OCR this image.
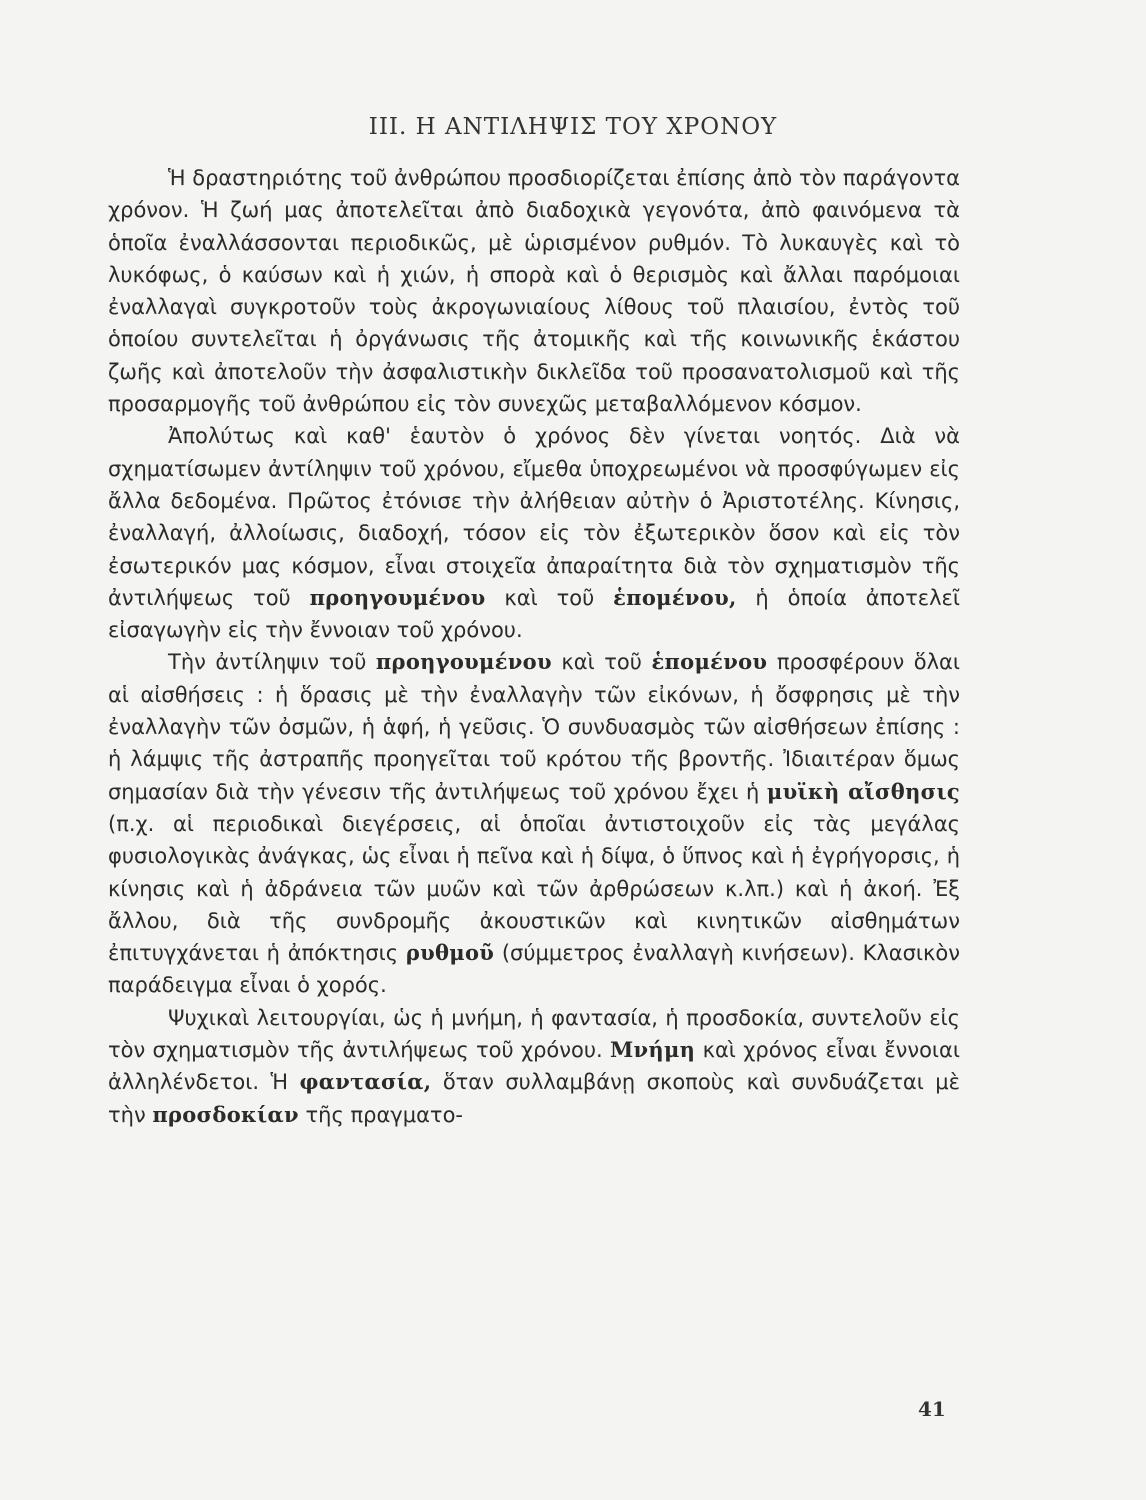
III. Η ΑΝΤΙΛΗΨΙΣ ΤΟΥ ΧΡΟΝΟΥ

Ἡ δραστηριότης τοῦ ἀνθρώπου προσδιορίζεται ἐπίσης ἀπὸ τὸν παράγοντα χρόνον. Ἡ ζωή μας ἀποτελεῖται ἀπὸ διαδοχικὰ γεγονότα, ἀπὸ φαινόμενα τὰ ὁποῖα ἐναλλάσσονται περιοδικῶς, μὲ ὡρισμένον ρυθμόν. Τὸ λυκαυγὲς καὶ τὸ λυκόφως, ὁ καύσων καὶ ἡ χιών, ἡ σπορὰ καὶ ὁ θερισμὸς καὶ ἄλλαι παρόμοιαι ἐναλλαγαὶ συγκροτοῦν τοὺς ἀκρογωνιαίους λίθους τοῦ πλαισίου, ἐντὸς τοῦ ὁποίου συντελεῖται ἡ ὀργάνωσις τῆς ἀτομικῆς καὶ τῆς κοινωνικῆς ἑκάστου ζωῆς καὶ ἀποτελοῦν τὴν ἀσφαλιστικὴν δικλεῖδα τοῦ προσανατολισμοῦ καὶ τῆς προσαρμογῆς τοῦ ἀνθρώπου εἰς τὸν συνεχῶς μεταβαλλόμενον κόσμον.

Ἀπολύτως καὶ καθ' ἑαυτὸν ὁ χρόνος δὲν γίνεται νοητός. Διὰ νὰ σχηματίσωμεν ἀντίληψιν τοῦ χρόνου, εἴμεθα ὑποχρεωμένοι νὰ προσφύγωμεν εἰς ἄλλα δεδομένα. Πρῶτος ἐτόνισε τὴν ἀλήθειαν αὐτὴν ὁ Ἀριστοτέλης. Κίνησις, ἐναλλαγή, ἀλλοίωσις, διαδοχή, τόσον εἰς τὸν ἐξωτερικὸν ὅσον καὶ εἰς τὸν ἐσωτερικόν μας κόσμον, εἶναι στοιχεῖα ἀπαραίτητα διὰ τὸν σχηματισμὸν τῆς ἀντιλήψεως τοῦ προηγουμένου καὶ τοῦ ἑπομένου, ἡ ὁποία ἀποτελεῖ εἰσαγωγὴν εἰς τὴν ἔννοιαν τοῦ χρόνου.

Τὴν ἀντίληψιν τοῦ προηγουμένου καὶ τοῦ ἑπομένου προσφέρουν ὅλαι αἱ αἰσθήσεις : ἡ ὅρασις μὲ τὴν ἐναλλαγὴν τῶν εἰκόνων, ἡ ὄσφρησις μὲ τὴν ἐναλλαγὴν τῶν ὀσμῶν, ἡ ἁφή, ἡ γεῦσις. Ὁ συνδυασμὸς τῶν αἰσθήσεων ἐπίσης : ἡ λάμψις τῆς ἀστραπῆς προηγεῖται τοῦ κρότου τῆς βροντῆς. Ἰδιαιτέραν ὅμως σημασίαν διὰ τὴν γένεσιν τῆς ἀντιλήψεως τοῦ χρόνου ἔχει ἡ μυϊκὴ αἴσθησις (π.χ. αἱ περιοδικαὶ διεγέρσεις, αἱ ὁποῖαι ἀντιστοιχοῦν εἰς τὰς μεγάλας φυσιολογικὰς ἀνάγκας, ὡς εἶναι ἡ πεῖνα καὶ ἡ δίψα, ὁ ὕπνος καὶ ἡ ἐγρήγορσις, ἡ κίνησις καὶ ἡ ἀδράνεια τῶν μυῶν καὶ τῶν ἀρθρώσεων κ.λπ.) καὶ ἡ ἀκοή. Ἐξ ἄλλου, διὰ τῆς συνδρομῆς ἀκουστικῶν καὶ κινητικῶν αἰσθημάτων ἐπιτυγχάνεται ἡ ἀπόκτησις ρυθμοῦ (σύμμετρος ἐναλλαγὴ κινήσεων). Κλασικὸν παράδειγμα εἶναι ὁ χορός.

Ψυχικαὶ λειτουργίαι, ὡς ἡ μνήμη, ἡ φαντασία, ἡ προσδοκία, συντελοῦν εἰς τὸν σχηματισμὸν τῆς ἀντιλήψεως τοῦ χρόνου. Μνήμη καὶ χρόνος εἶναι ἔννοιαι ἀλληλένδετοι. Ἡ φαντασία, ὅταν συλλαμβάνῃ σκοποὺς καὶ συνδυάζεται μὲ τὴν προσδοκίαν τῆς πραγματο-

41
